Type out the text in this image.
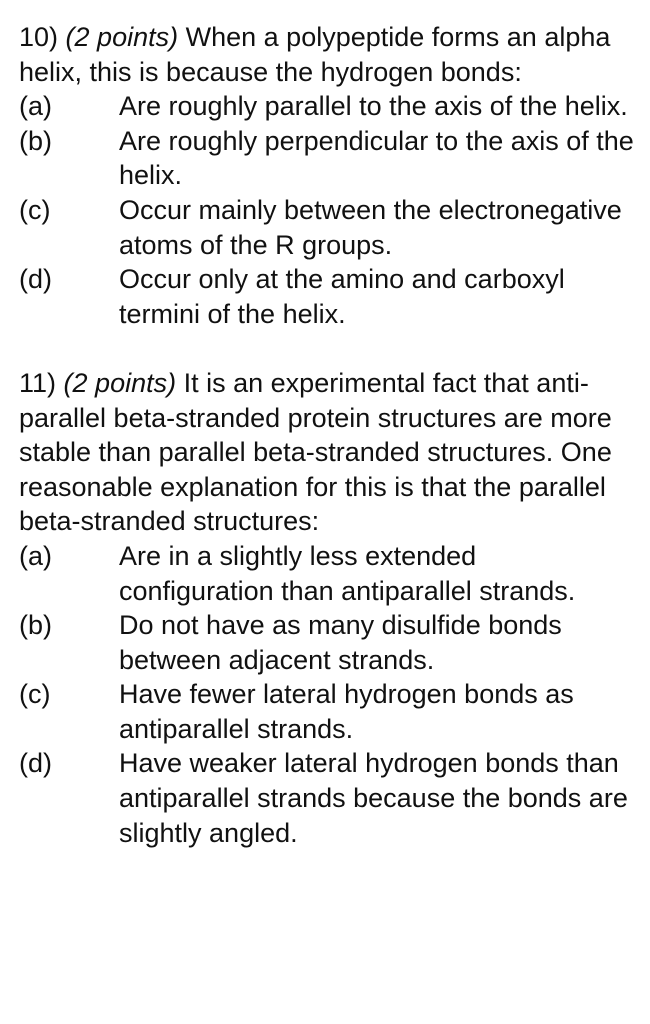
10) (2 points) When a polypeptide forms an alpha helix, this is because the hydrogen bonds:

(a)	Are roughly parallel to the axis of the helix.
(b)	Are roughly perpendicular to the axis of the helix.
(c)	Occur mainly between the electronegative atoms of the R groups.
(d)	Occur only at the amino and carboxyl termini of the helix.

11) (2 points) It is an experimental fact that anti-parallel beta-stranded protein structures are more stable than parallel beta-stranded structures. One reasonable explanation for this is that the parallel beta-stranded structures:

(a)	Are in a slightly less extended configuration than antiparallel strands.
(b)	Do not have as many disulfide bonds between adjacent strands.
(c)	Have fewer lateral hydrogen bonds as antiparallel strands.
(d)	Have weaker lateral hydrogen bonds than antiparallel strands because the bonds are slightly angled.
